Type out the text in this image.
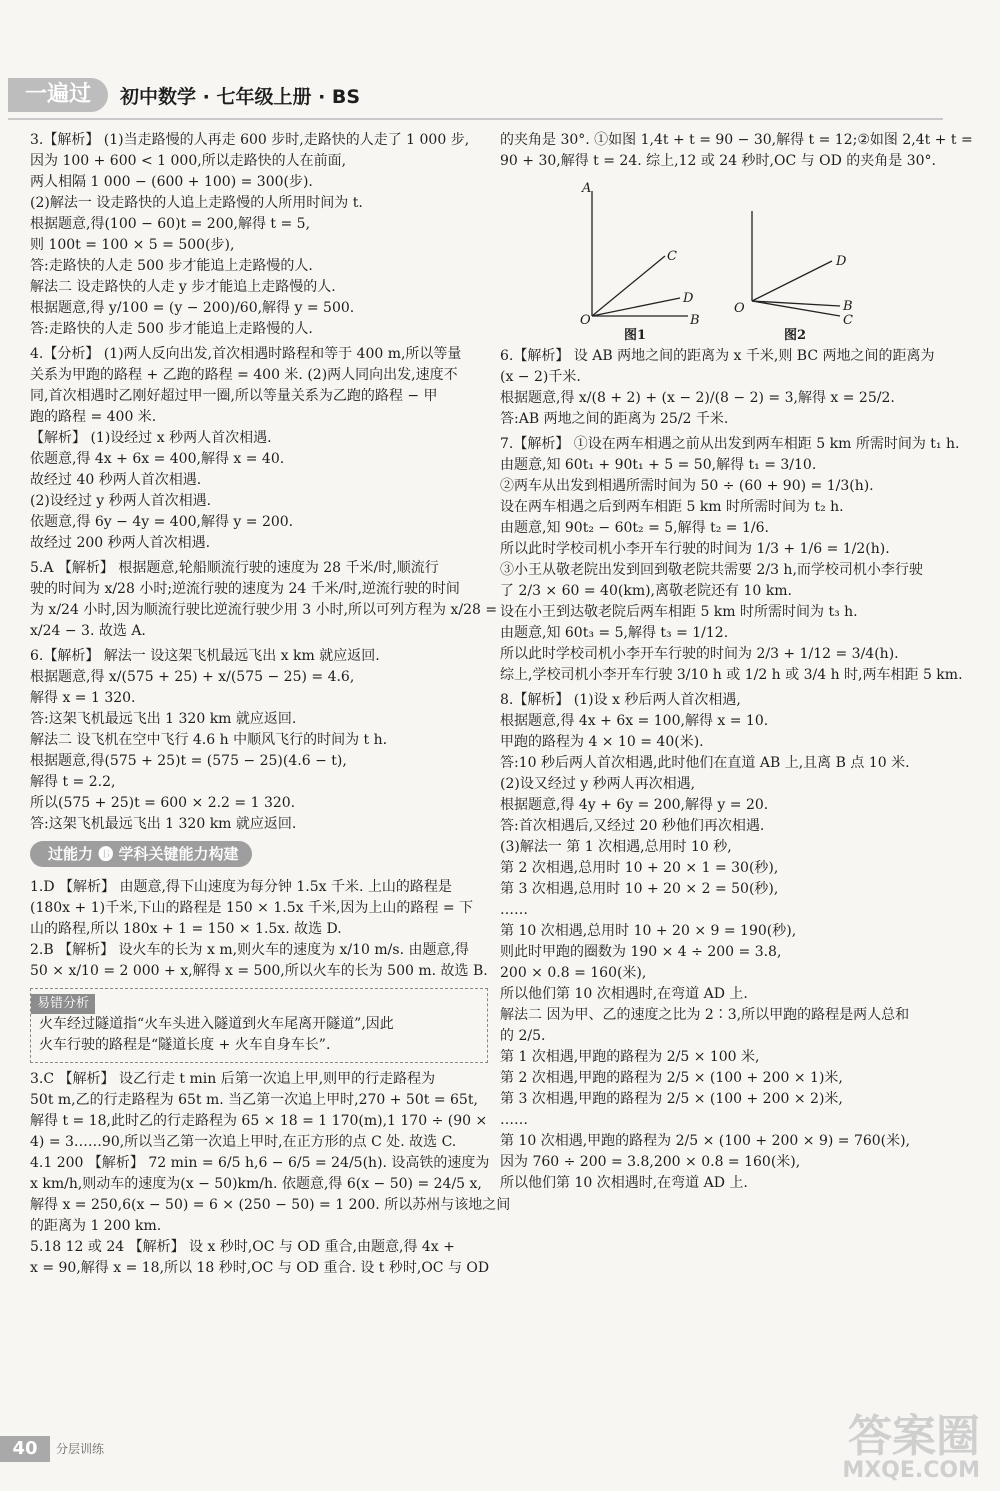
一遍过	初中数学 · 七年级上册 · BS
3.【解析】 (1)当走路慢的人再走 600 步时,走路快的人走了 1 000 步,
因为 100 + 600 < 1 000,所以走路快的人在前面,
两人相隔 1 000 − (600 + 100) = 300(步).
(2)解法一 设走路快的人追上走路慢的人所用时间为 t.
根据题意,得(100 − 60)t = 200,解得 t = 5,
则 100t = 100 × 5 = 500(步),
答:走路快的人走 500 步才能追上走路慢的人.
解法二 设走路快的人走 y 步才能追上走路慢的人.
根据题意,得 y/100 = (y − 200)/60,解得 y = 500.
答:走路快的人走 500 步才能追上走路慢的人.
4.【分析】 (1)两人反向出发,首次相遇时路程和等于 400 m,所以等量
关系为甲跑的路程 + 乙跑的路程 = 400 米. (2)两人同向出发,速度不
同,首次相遇时乙刚好超过甲一圈,所以等量关系为乙跑的路程 − 甲
跑的路程 = 400 米.
【解析】 (1)设经过 x 秒两人首次相遇.
依题意,得 4x + 6x = 400,解得 x = 40.
故经过 40 秒两人首次相遇.
(2)设经过 y 秒两人首次相遇.
依题意,得 6y − 4y = 400,解得 y = 200.
故经过 200 秒两人首次相遇.
5.A 【解析】 根据题意,轮船顺流行驶的速度为 28 千米/时,顺流行
驶的时间为 x/28 小时;逆流行驶的速度为 24 千米/时,逆流行驶的时间
为 x/24 小时,因为顺流行驶比逆流行驶少用 3 小时,所以可列方程为 x/28 =
x/24 − 3. 故选 A.
6.【解析】 解法一 设这架飞机最远飞出 x km 就应返回.
根据题意,得 x/(575 + 25) + x/(575 − 25) = 4.6,
解得 x = 1 320.
答:这架飞机最远飞出 1 320 km 就应返回.
解法二 设飞机在空中飞行 4.6 h 中顺风飞行的时间为 t h.
根据题意,得(575 + 25)t = (575 − 25)(4.6 − t),
解得 t = 2.2,
所以(575 + 25)t = 600 × 2.2 = 1 320.
答:这架飞机最远飞出 1 320 km 就应返回.
过能力 🅑 学科关键能力构建
1.D 【解析】 由题意,得下山速度为每分钟 1.5x 千米. 上山的路程是
(180x + 1)千米,下山的路程是 150 × 1.5x 千米,因为上山的路程 = 下
山的路程,所以 180x + 1 = 150 × 1.5x. 故选 D.
2.B 【解析】 设火车的长为 x m,则火车的速度为 x/10 m/s. 由题意,得
50 × x/10 = 2 000 + x,解得 x = 500,所以火车的长为 500 m. 故选 B.
易错分析
火车经过隧道指“火车头进入隧道到火车尾离开隧道”,因此
火车行驶的路程是“隧道长度 + 火车自身车长”.
3.C 【解析】 设乙行走 t min 后第一次追上甲,则甲的行走路程为
50t m,乙的行走路程为 65t m. 当乙第一次追上甲时,270 + 50t = 65t,
解得 t = 18,此时乙的行走路程为 65 × 18 = 1 170(m),1 170 ÷ (90 ×
4) = 3……90,所以当乙第一次追上甲时,在正方形的点 C 处. 故选 C.
4.1 200 【解析】 72 min = 6/5 h,6 − 6/5 = 24/5(h). 设高铁的速度为
x km/h,则动车的速度为(x − 50)km/h. 依题意,得 6(x − 50) = 24/5 x,
解得 x = 250,6(x − 50) = 6 × (250 − 50) = 1 200. 所以苏州与该地之间
的距离为 1 200 km.
5.18 12 或 24 【解析】 设 x 秒时,OC 与 OD 重合,由题意,得 4x +
x = 90,解得 x = 18,所以 18 秒时,OC 与 OD 重合. 设 t 秒时,OC 与 OD
的夹角是 30°. ①如图 1,4t + t = 90 − 30,解得 t = 12;②如图 2,4t + t =
90 + 30,解得 t = 24. 综上,12 或 24 秒时,OC 与 OD 的夹角是 30°.
A
C
D
B
O
图1
D
B
C
O
图2
6.【解析】 设 AB 两地之间的距离为 x 千米,则 BC 两地之间的距离为
(x − 2)千米.
根据题意,得 x/(8 + 2) + (x − 2)/(8 − 2) = 3,解得 x = 25/2.
答:AB 两地之间的距离为 25/2 千米.
7.【解析】 ①设在两车相遇之前从出发到两车相距 5 km 所需时间为 t₁ h.
由题意,知 60t₁ + 90t₁ + 5 = 50,解得 t₁ = 3/10.
②两车从出发到相遇所需时间为 50 ÷ (60 + 90) = 1/3(h).
设在两车相遇之后到两车相距 5 km 时所需时间为 t₂ h.
由题意,知 90t₂ − 60t₂ = 5,解得 t₂ = 1/6.
所以此时学校司机小李开车行驶的时间为 1/3 + 1/6 = 1/2(h).
③小王从敬老院出发到回到敬老院共需要 2/3 h,而学校司机小李行驶
了 2/3 × 60 = 40(km),离敬老院还有 10 km.
设在小王到达敬老院后两车相距 5 km 时所需时间为 t₃ h.
由题意,知 60t₃ = 5,解得 t₃ = 1/12.
所以此时学校司机小李开车行驶的时间为 2/3 + 1/12 = 3/4(h).
综上,学校司机小李开车行驶 3/10 h 或 1/2 h 或 3/4 h 时,两车相距 5 km.
8.【解析】 (1)设 x 秒后两人首次相遇,
根据题意,得 4x + 6x = 100,解得 x = 10.
甲跑的路程为 4 × 10 = 40(米).
答:10 秒后两人首次相遇,此时他们在直道 AB 上,且离 B 点 10 米.
(2)设又经过 y 秒两人再次相遇,
根据题意,得 4y + 6y = 200,解得 y = 20.
答:首次相遇后,又经过 20 秒他们再次相遇.
(3)解法一 第 1 次相遇,总用时 10 秒,
第 2 次相遇,总用时 10 + 20 × 1 = 30(秒),
第 3 次相遇,总用时 10 + 20 × 2 = 50(秒),
……
第 10 次相遇,总用时 10 + 20 × 9 = 190(秒),
则此时甲跑的圈数为 190 × 4 ÷ 200 = 3.8,
200 × 0.8 = 160(米),
所以他们第 10 次相遇时,在弯道 AD 上.
解法二 因为甲、乙的速度之比为 2∶3,所以甲跑的路程是两人总和
的 2/5.
第 1 次相遇,甲跑的路程为 2/5 × 100 米,
第 2 次相遇,甲跑的路程为 2/5 × (100 + 200 × 1)米,
第 3 次相遇,甲跑的路程为 2/5 × (100 + 200 × 2)米,
……
第 10 次相遇,甲跑的路程为 2/5 × (100 + 200 × 9) = 760(米),
因为 760 ÷ 200 = 3.8,200 × 0.8 = 160(米),
所以他们第 10 次相遇时,在弯道 AD 上.
40	分层训练	答案圈
MXQE.COM
